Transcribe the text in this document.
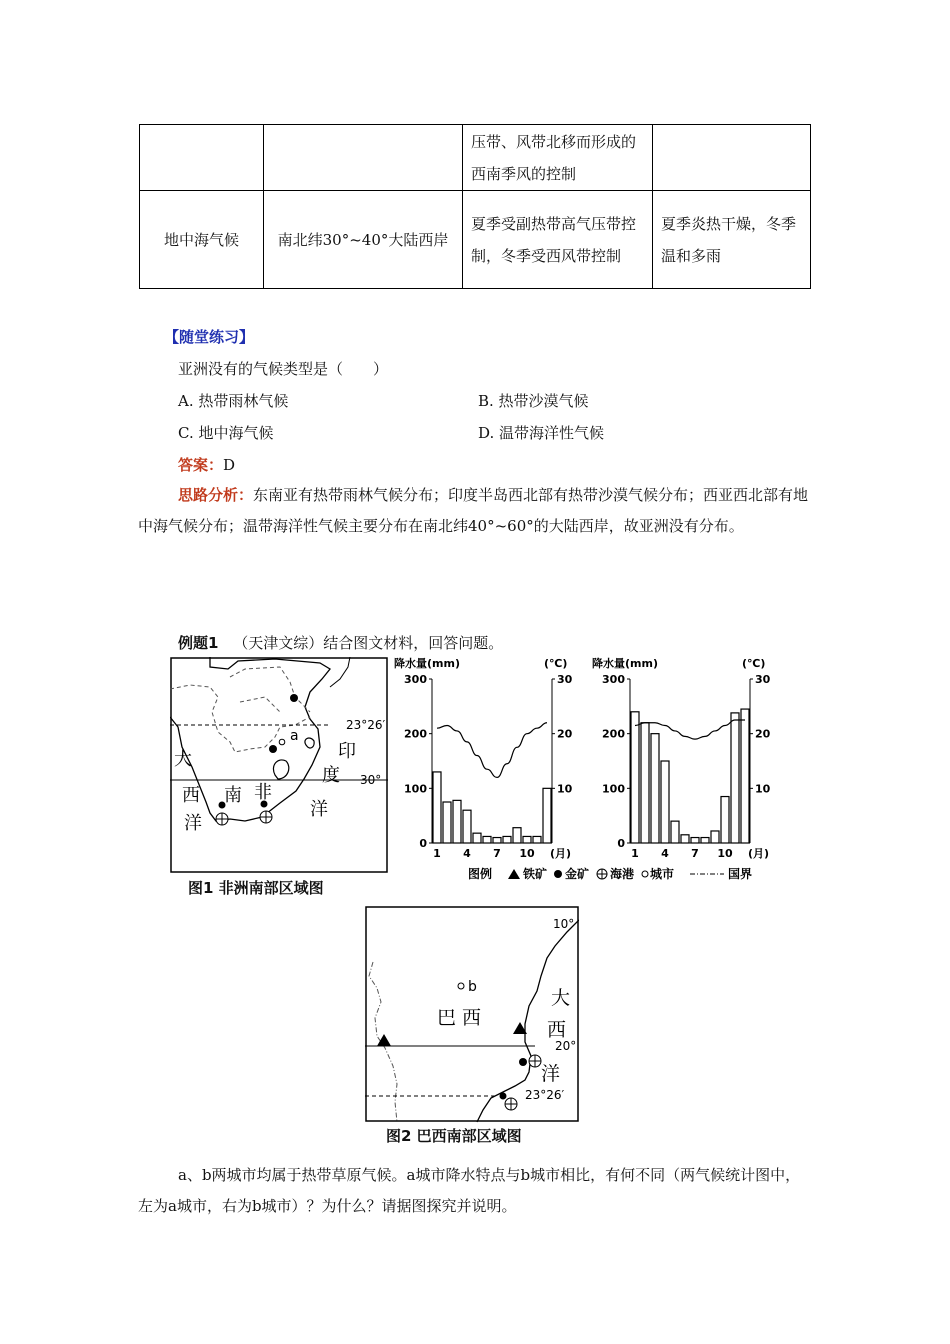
		压带、风带北移而形成的西南季风的控制	
地中海气候	南北纬30°~40°大陆西岸	夏季受副热带高气压带控制，冬季受西风带控制	夏季炎热干燥，冬季温和多雨
【随堂练习】
亚洲没有的气候类型是（　　）
A. 热带雨林气候	B. 热带沙漠气候
C. 地中海气候	D. 温带海洋性气候
答案：D
思路分析：东南亚有热带雨林气候分布；印度半岛西北部有热带沙漠气候分布；西亚西北部有地中海气候分布；温带海洋性气候主要分布在南北纬40°~60°的大陆西岸，故亚洲没有分布。
例题1 （天津文综）结合图文材料，回答问题。
23°26′
30°
a
大
西
洋
南 非
印
度
洋
图1 非洲南部区域图
降水量(mm)	(℃)
0
100
200
300
10
20
30
1 4 7 10 (月)
降水量(mm)	(℃)
0
100
200
300
10
20
30
1 4 7 10 (月)
图例	铁矿 金矿 海港 城市	国界
10°
20°
23°26′
b
巴 西
大
西
洋
图2 巴西南部区域图
a、b两城市均属于热带草原气候。a城市降水特点与b城市相比，有何不同（两气候统计图中，左为a城市，右为b城市）？为什么？请据图探究并说明。
